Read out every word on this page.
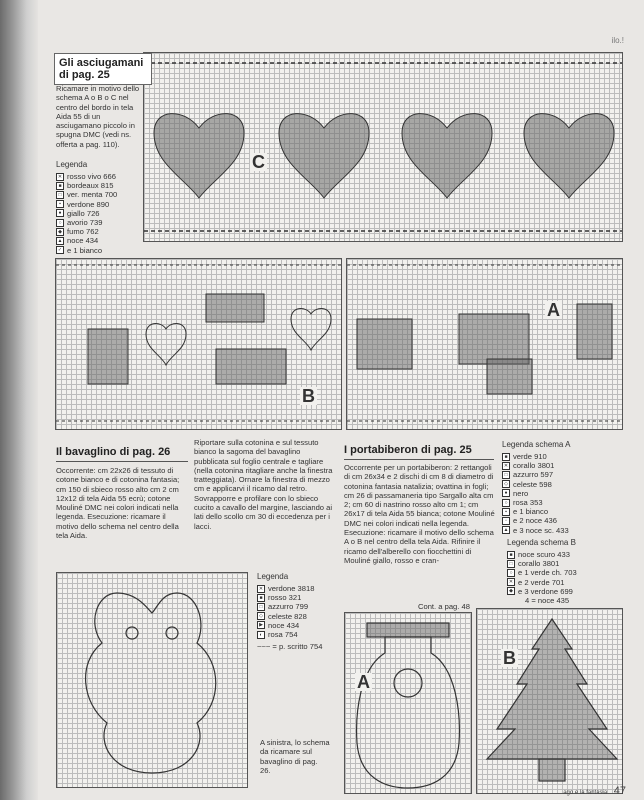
ilo.!
C
Gli asciugamani di pag. 25
Ricamare in motivo dello schema A o B o C nel centro del bordo in tela Aida 55 di un asciugamano piccolo in spugna DMC (vedi ns. offerta a pag. 110).
Legenda
✕ rosso vivo 666
■ bordeaux 815
□ ver. menta 700
▪ verdone 890
● giallo 726
○ avorio 739
◆ fumo 762
▲ noce 434
✓ e 1 bianco
B
A
Il bavaglino di pag. 26
Occorrente: cm 22x26 di tessuto di cotone bianco e di cotonina fantasia; cm 150 di sbieco rosso alto cm 2 cm 12x12 di tela Aida 55 ecrù; cotone Mouliné DMC nei colori indicati nella legenda. Esecuzione: ricamare il motivo dello schema nel centro della tela Aida.
Riportare sulla cotonina e sul tessuto bianco la sagoma del bavaglino pubblicata sul foglio centrale e tagliare (nella cotonina ritagliare anche la finestra tratteggiata). Ornare la finestra di mezzo cm e applicarvi il ricamo dal retro. Sovrapporre e profilare con lo sbieco cucito a cavallo del margine, lasciando ai lati dello scollo cm 30 di eccedenza per i lacci.
Legenda
✕ verdone 3818
■ rosso 321
□ azzurro 799
◇ celeste 828
▶ noce 434
◐ rosa 754
~~~ = p. scritto 754
A sinistra, lo schema da ricamare sul bavaglino di pag. 26.
I portabiberon di pag. 25
Occorrente per un portabiberon: 2 rettangoli di cm 26x34 e 2 dischi di cm 8 di diametro di cotonina fantasia natalizia; ovattina in fogli; cm 26 di passamaneria tipo Sargallo alta cm 2; cm 60 di nastrino rosso alto cm 1; cm 26x17 di tela Aida 55 bianca; cotone Mouliné DMC nei colori indicati nella legenda. Esecuzione: ricamare il motivo dello schema A o B nel centro della tela Aida. Rifinire il ricamo dell'alberello con fiocchettini di Mouliné giallo, rosso e cran-
Cont. a pag. 48
Legenda schema A
■ verde 910
✕ corallo 3801
□ azzurro 597
◇ celeste 598
● nero
○ rosa 353
▪ e 1 bianco
▫ e 2 noce 436
▲ e 3 noce sc. 433
Legenda schema B
■ noce scuro 433
□ corallo 3801
○ e 1 verde ch. 703
✕ e 2 verde 701
◆ e 3 verdone 699
4 = noce 435
A
B
ago e la fantasia 47
